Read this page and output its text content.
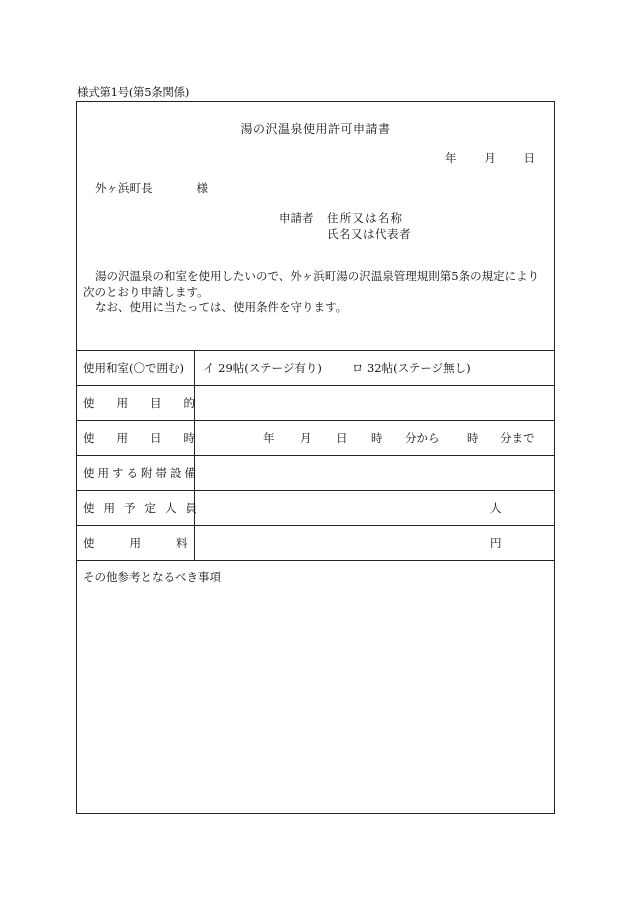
様式第1号(第5条関係)
湯の沢温泉使用許可申請書
年 月 日
外ヶ浜町長	様
申請者 住所又は名称
氏名又は代表者

湯の沢温泉の和室を使用したいので、外ヶ浜町湯の沢温泉管理規則第5条の規定により次のとおり申請します。

なお、使用に当たっては、使用条件を守ります。

使用和室(〇で囲む)	イ 29帖(ステージ有り)	ロ 32帖(ステージ無し)
使用目的
使用日時	年 月 日 時 分から 時 分まで
使用する附帯設備
使用予定人員	人
使用料	円
その他参考となるべき事項
